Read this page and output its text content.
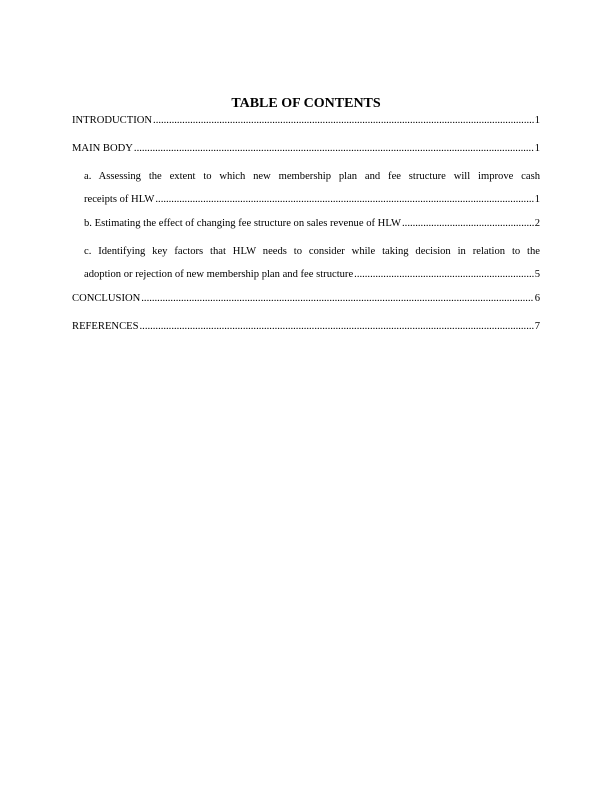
TABLE OF CONTENTS
INTRODUCTION .....	1
MAIN BODY .....	1
a. Assessing the extent to which new membership plan and fee structure will improve cash
receipts of HLW .....	1
b. Estimating the effect of changing fee structure on sales revenue of HLW .....	2
c. Identifying key factors that HLW needs to consider while taking decision in relation to the
adoption or rejection of new membership plan and fee structure .....	5
CONCLUSION .....	6
REFERENCES .....	7
